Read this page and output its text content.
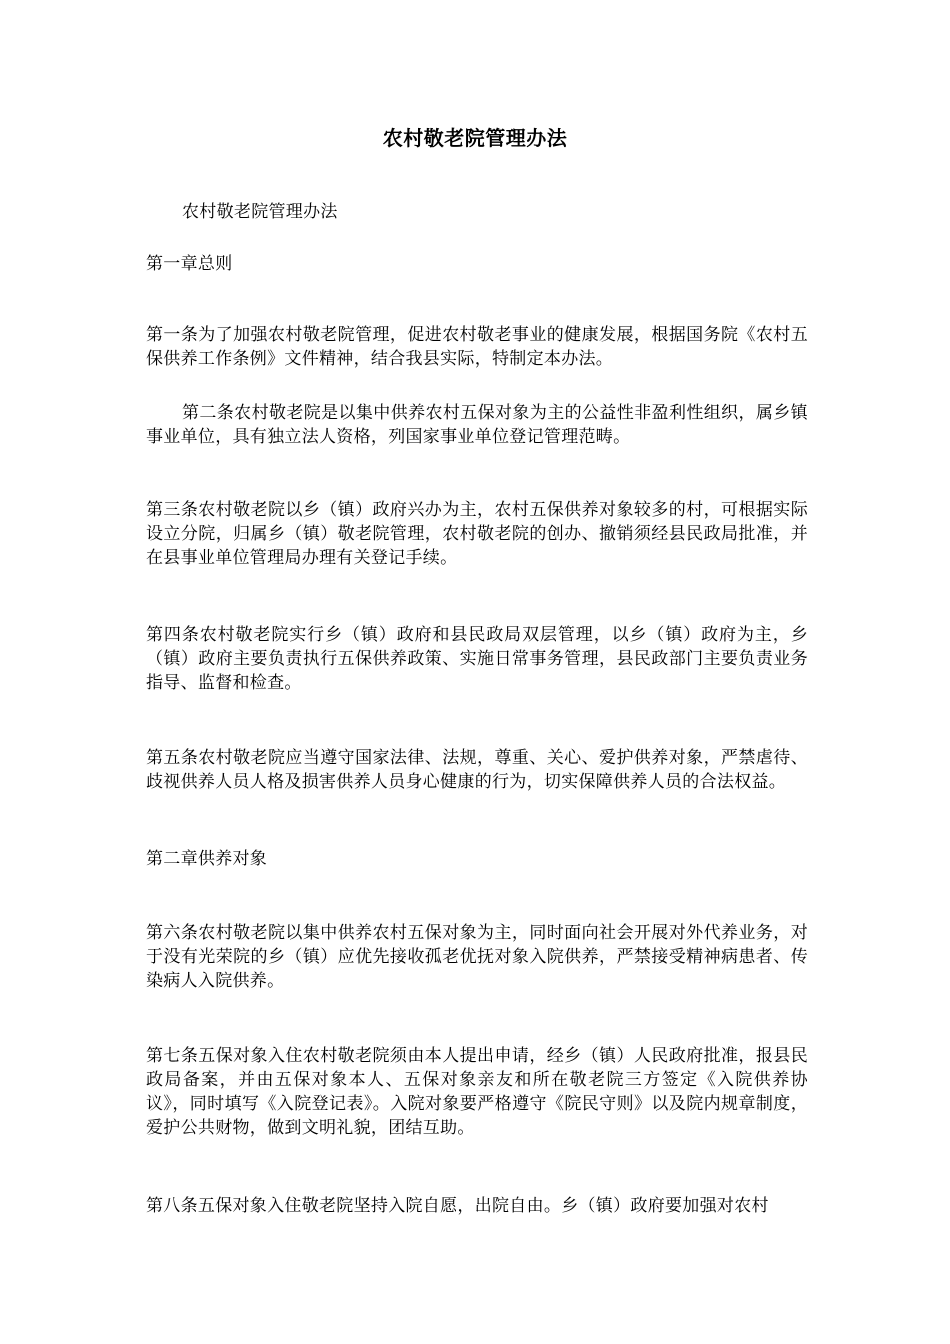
农村敬老院管理办法

农村敬老院管理办法

第一章总则

第一条为了加强农村敬老院管理，促进农村敬老事业的健康发展，根据国务院《农村五保供养工作条例》文件精神，结合我县实际，特制定本办法。

第二条农村敬老院是以集中供养农村五保对象为主的公益性非盈利性组织，属乡镇事业单位，具有独立法人资格，列国家事业单位登记管理范畴。

第三条农村敬老院以乡（镇）政府兴办为主，农村五保供养对象较多的村，可根据实际设立分院，归属乡（镇）敬老院管理，农村敬老院的创办、撤销须经县民政局批准，并在县事业单位管理局办理有关登记手续。

第四条农村敬老院实行乡（镇）政府和县民政局双层管理，以乡（镇）政府为主，乡（镇）政府主要负责执行五保供养政策、实施日常事务管理，县民政部门主要负责业务指导、监督和检查。

第五条农村敬老院应当遵守国家法律、法规，尊重、关心、爱护供养对象，严禁虐待、歧视供养人员人格及损害供养人员身心健康的行为，切实保障供养人员的合法权益。

第二章供养对象

第六条农村敬老院以集中供养农村五保对象为主，同时面向社会开展对外代养业务，对于没有光荣院的乡（镇）应优先接收孤老优抚对象入院供养，严禁接受精神病患者、传染病人入院供养。

第七条五保对象入住农村敬老院须由本人提出申请，经乡（镇）人民政府批准，报县民政局备案，并由五保对象本人、五保对象亲友和所在敬老院三方签定《入院供养协议》，同时填写《入院登记表》。入院对象要严格遵守《院民守则》以及院内规章制度，爱护公共财物，做到文明礼貌，团结互助。

第八条五保对象入住敬老院坚持入院自愿，出院自由。乡（镇）政府要加强对农村
